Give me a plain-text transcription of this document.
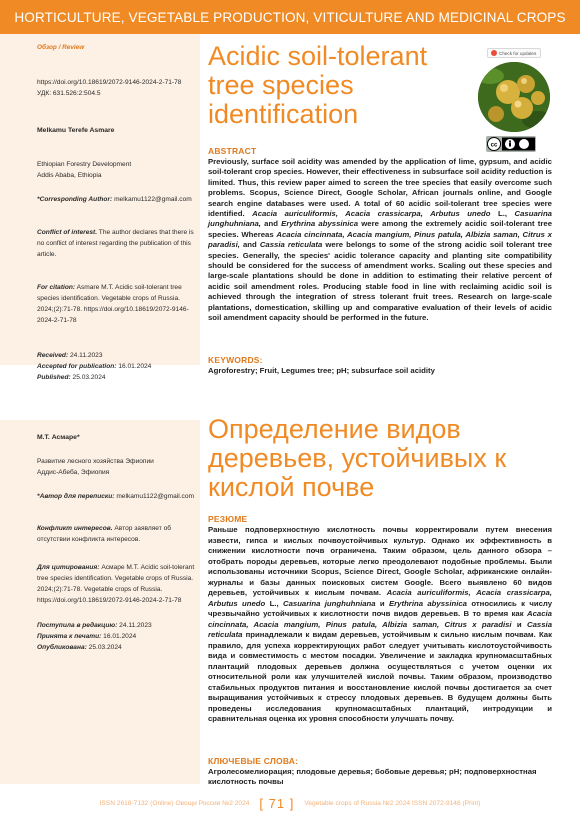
HORTICULTURE, VEGETABLE PRODUCTION, VITICULTURE AND MEDICINAL CROPS
Обзор / Review
https://doi.org/10.18619/2072-9146-2024-2-71-78
УДК: 631.526:2:504.5
Melkamu Terefe Asmare
Ethiopian Forestry Development
Addis Ababa, Ethiopia
*Corresponding Author: melkamu1122@gmail.com
Conflict of interest. The author declares that there is no conflict of interest regarding the publication of this article.
For citation: Asmare M.T. Acidic soil-tolerant tree species identification. Vegetable crops of Russia. 2024;(2):71-78. https://doi.org/10.18619/2072-9146-2024-2-71-78
Received: 24.11.2023
Accepted for publication: 16.01.2024
Published: 25.03.2024
М.Т. Асмаре*
Развитие лесного хозяйства Эфиопии
Аддис-Абеба, Эфиопия
*Автор для переписки: melkamu1122@gmail.com
Конфликт интересов. Автор заявляет об отсутствии конфликта интересов.
Для цитирования: Асмаре М.Т. Acidic soil-tolerant tree species identification. Vegetable crops of Russia. 2024;(2):71-78. Vegetable crops of Russia. https://doi.org/10.18619/2072-9146-2024-2-71-78
Поступила в редакцию: 24.11.2023
Принята к печати: 16.01.2024
Опубликована: 25.03.2024
Acidic soil-tolerant tree species identification
Check for updates
cc
ABSTRACT
Previously, surface soil acidity was amended by the application of lime, gypsum, and acidic soil-tolerant crop species. However, their effectiveness in subsurface soil acidity reduction is limited. Thus, this review paper aimed to screen the tree species that easily overcome such problems. Scopus, Science Direct, Google Scholar, African journals online, and Google search engine databases were used. A total of 60 acidic soil-tolerant tree species were identified. Acacia auriculiformis, Acacia crassicarpa, Arbutus unedo L., Casuarina junghuhniana, and Erythrina abyssinica were among the extremely acidic soil-tolerant tree species. Whereas Acacia cincinnata, Acacia mangium, Pinus patula, Albizia saman, Citrus x paradisi, and Cassia reticulata were belongs to some of the strong acidic soil tolerant tree species. Generally, the species' acidic tolerance capacity and planting site compatibility should be considered for the success of amendment works. Scaling out these species and large-scale plantations should be done in addition to estimating their relative percent of acidic soil amendment roles. Producing stable food in line with reclaiming acidic soil is achieved through the integration of stress tolerant fruit trees. Research on large-scale plantations, domestication, skilling up and comparative evaluation of their levels of acidic soil amendment capacity should be performed in the future.
KEYWORDS:
Agroforestry; Fruit, Legumes tree; pH; subsurface soil acidity
Определение видов деревьев, устойчивых к кислой почве
РЕЗЮМЕ
Раньше подповерхностную кислотность почвы корректировали путем внесения извести, гипса и кислых почвоустойчивых культур. Однако их эффективность в снижении кислотности почв ограничена. Таким образом, цель данного обзора – отобрать породы деревьев, которые легко преодолевают подобные проблемы. Были использованы источники Scopus, Science Direct, Google Scholar, африканские онлайн-журналы и базы данных поисковых систем Google. Всего выявлено 60 видов деревьев, устойчивых к кислым почвам. Acacia auriculiformis, Acacia crassicarpa, Arbutus unedo L., Casuarina junghuhniana и Erythrina abyssinica относились к числу чрезвычайно устойчивых к кислотности почв видов деревьев. В то время как Acacia cincinnata, Acacia mangium, Pinus patula, Albizia saman, Citrus x paradisi и Cassia reticulata принадлежали к видам деревьев, устойчивым к сильно кислым почвам. Как правило, для успеха корректирующих работ следует учитывать кислотоустойчивость вида и совместимость с местом посадки. Увеличение и закладка крупномасштабных плантаций плодовых деревьев должна осуществляться с учетом оценки их относительной роли как улучшителей кислой почвы. Таким образом, производство стабильных продуктов питания и восстановление кислой почвы достигается за счет выращивания устойчивых к стрессу плодовых деревьев. В будущем должны быть проведены исследования крупномасштабных плантаций, интродукции и сравнительная оценка их уровня способности улучшать почву.
КЛЮЧЕВЫЕ СЛОВА:
Агролесомелиорация; плодовые деревья; бобовые деревья; pH; подповерхностная кислотность почвы
ISSN 2618-7132 (Online) Овощи России №2 2024 [ 71 ] Vegetable crops of Russia №2 2024 ISSN 2072-9146 (Print)
